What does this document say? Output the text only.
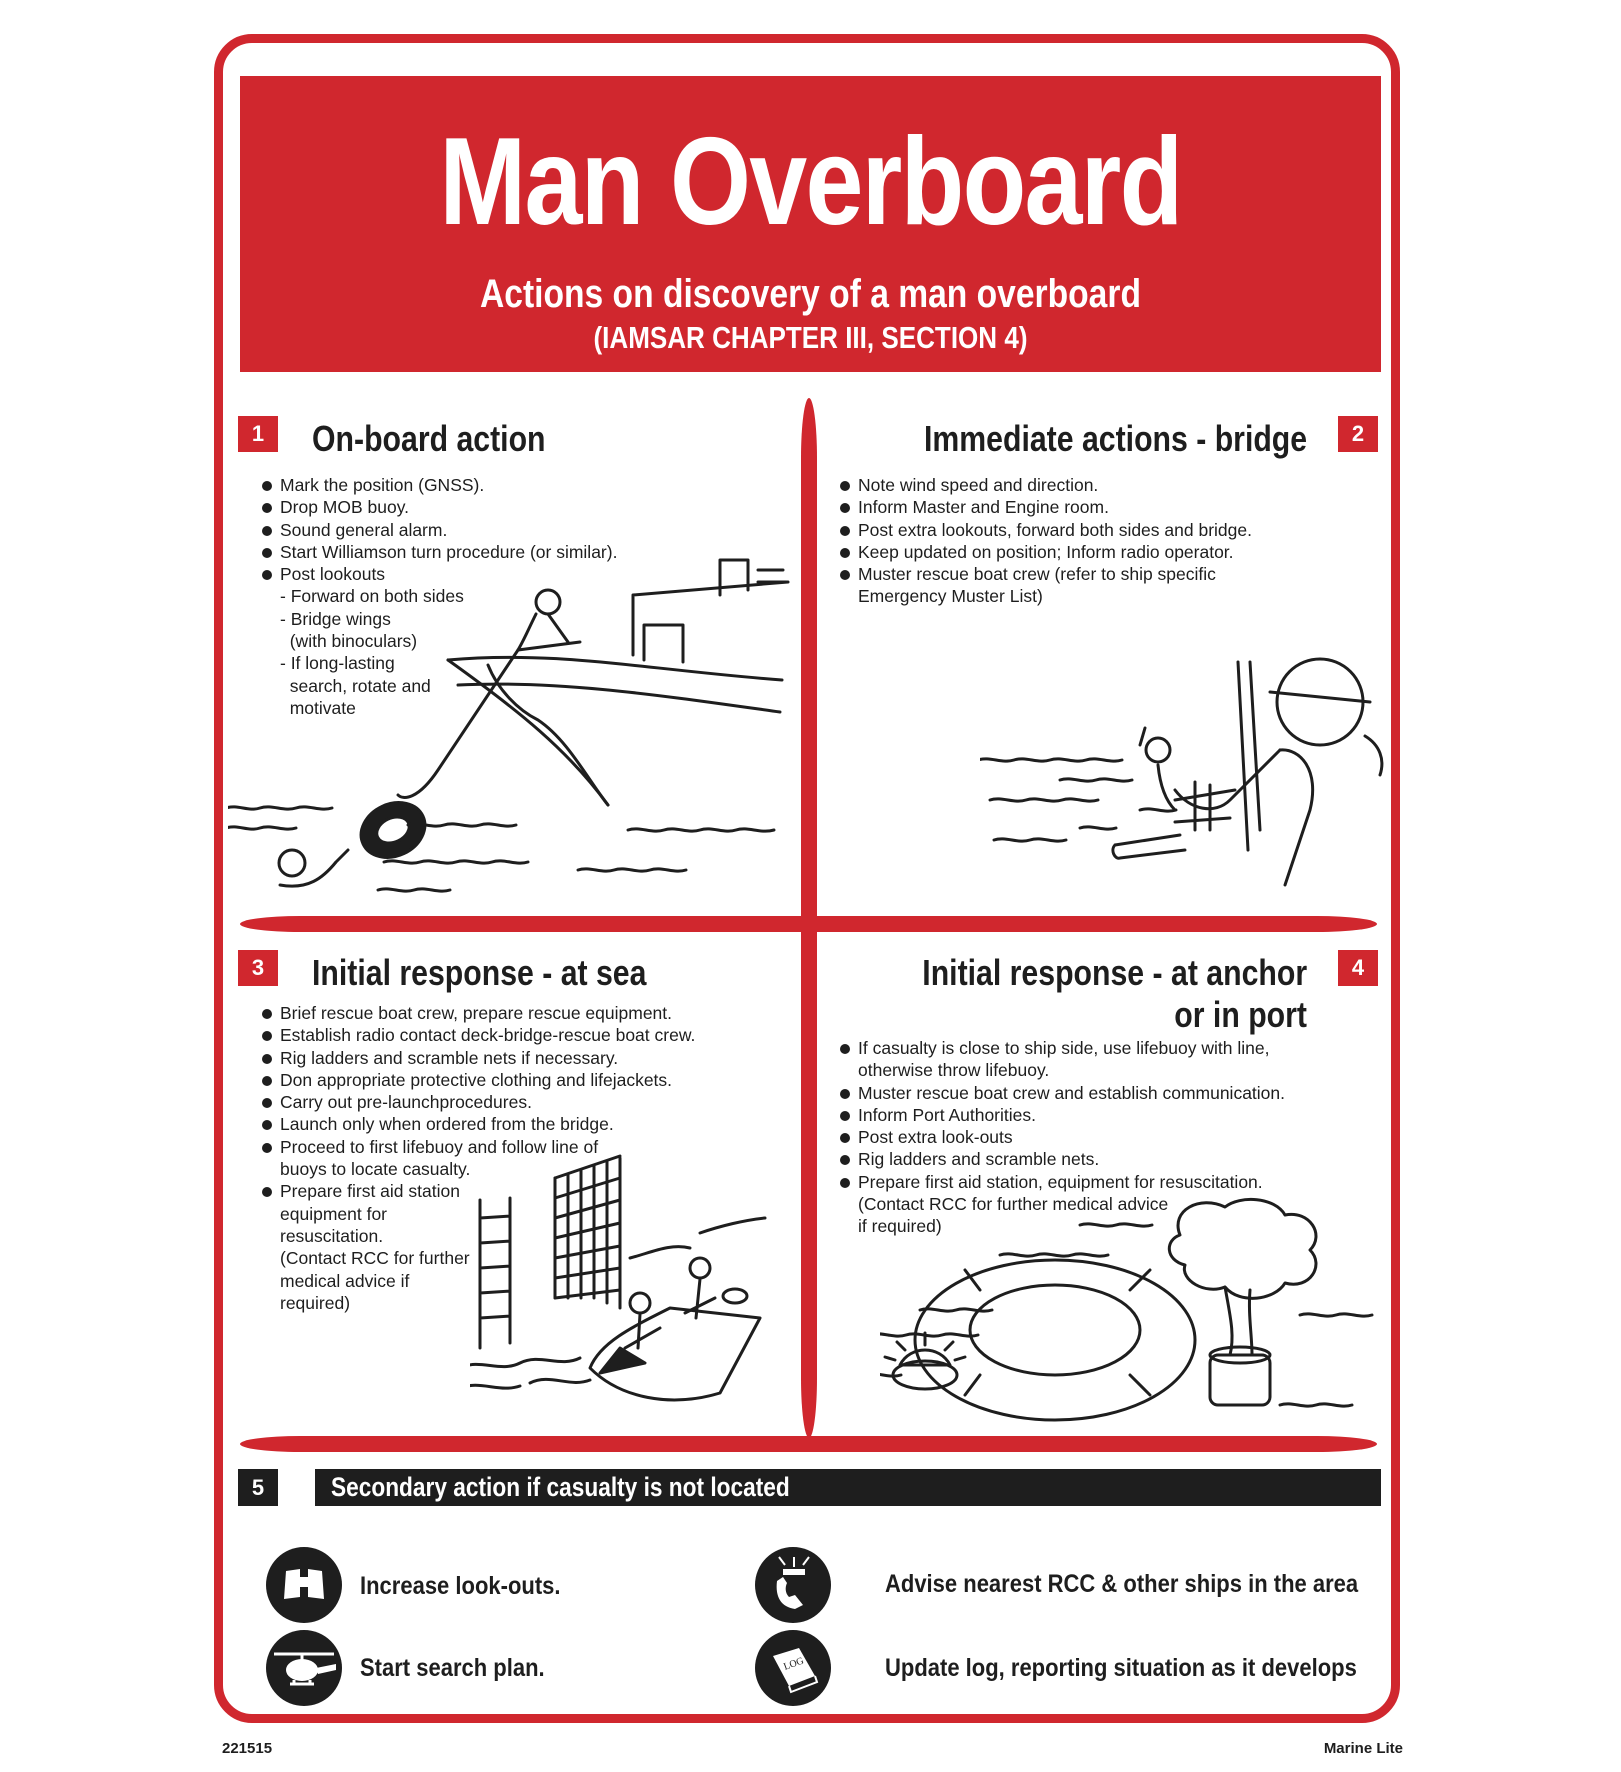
Man Overboard
Actions on discovery of a man overboard
(IAMSAR CHAPTER III, SECTION 4)
1	On-board action
Mark the position (GNSS).
Drop MOB buoy.
Sound general alarm.
Start Williamson turn procedure (or similar).
Post lookouts
- Forward on both sides
- Bridge wings
(with binoculars)
- If long-lasting
search, rotate and
motivate
2
Immediate actions - bridge
Note wind speed and direction.
Inform Master and Engine room.
Post extra lookouts, forward both sides and bridge.
Keep updated on position; Inform radio operator.
Muster rescue boat crew (refer to ship specific
Emergency Muster List)
3	Initial response - at sea
Brief rescue boat crew, prepare rescue equipment.
Establish radio contact deck-bridge-rescue boat crew.
Rig ladders and scramble nets if necessary.
Don appropriate protective clothing and lifejackets.
Carry out pre-launchprocedures.
Launch only when ordered from the bridge.
Proceed to first lifebuoy and follow line of
buoys to locate casualty.
Prepare first aid station
equipment for
resuscitation.
(Contact RCC for further
medical advice if
required)
4
Initial response - at anchor
or in port
If casualty is close to ship side, use lifebuoy with line,
otherwise throw lifebuoy.
Muster rescue boat crew and establish communication.
Inform Port Authorities.
Post extra look-outs
Rig ladders and scramble nets.
Prepare first aid station, equipment for resuscitation.
(Contact RCC for further medical advice
if required)
5	Secondary action if casualty is not located
Increase look-outs.
Start search plan.
Advise nearest RCC & other ships in the area
LOG	Update log, reporting situation as it develops
221515	Marine Lite
